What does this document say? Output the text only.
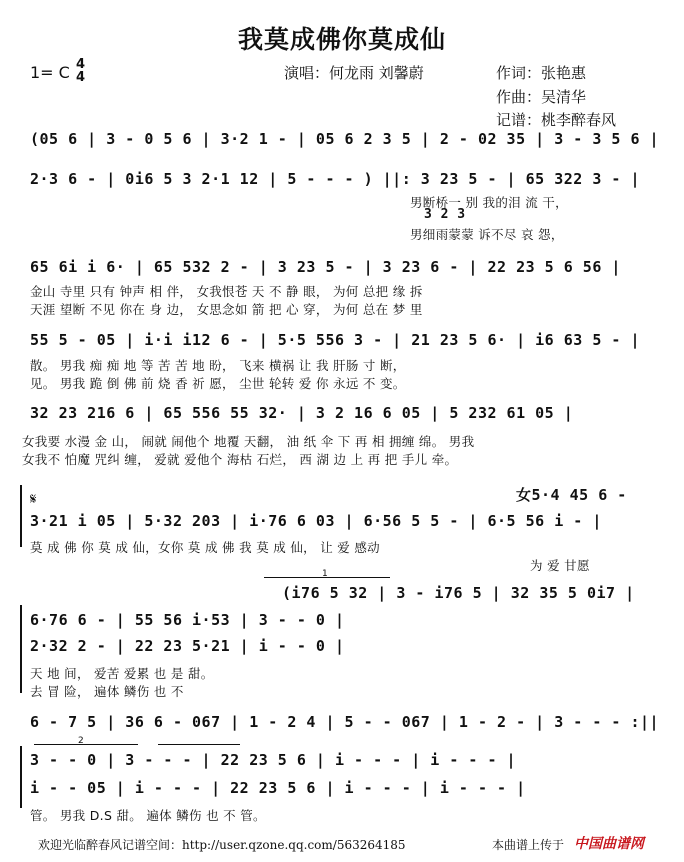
我莫成佛你莫成仙
1= C 4
4	演唱：何龙雨 刘馨蔚	作词：张艳惠
作曲：吴清华
记谱：桃李醉春风
(05 6 | 3 - 0 5 6 | 3·2 1 - | 05 6 2 3 5 | 2 - 02 35 | 3 - 3 5 6 |
2·3 6 - | 0i6 5 3 2·1 12 | 5 - - - ) ||: 3 23 5 - | 65 322 3 - |
男断桥一 别 我的泪 流 干，
3 2 3
男细雨蒙蒙 诉不尽 哀 怨，
65 6i i 6· | 65 532 2 - | 3 23 5 - | 3 23 6 - | 22 23 5 6 56 |
金山 寺里 只有 钟声 相 伴， 女我恨苍 天 不 静 眼， 为何 总把 缘 拆
天涯 望断 不见 你在 身 边， 女思念如 箭 把 心 穿， 为何 总在 梦 里
55 5 - 05 | i·i i12 6 - | 5·5 556 3 - | 21 23 5 6· | i6 63 5 - |
散。 男我 痴 痴 地 等 苦 苦 地 盼， 飞来 横祸 让 我 肝肠 寸 断，
见。 男我 跪 倒 佛 前 烧 香 祈 愿， 尘世 轮转 爱 你 永远 不 变。
32 23 216 6 | 65 556 55 32· | 3 2 16 6 05 | 5 232 61 05 |
女我要 水漫 金 山， 闹就 闹他个 地覆 天翻， 油 纸 伞 下 再 相 拥缠 绵。 男我
女我不 怕魔 咒纠 缠， 爱就 爱他个 海枯 石烂， 西 湖 边 上 再 把 手儿 牵。
𝄋	女5·4 45 6 -
3·21 i 05 | 5·32 203 | i·76 6 03 | 6·56 5 5 - | 6·5 56 i - |
莫 成 佛 你 莫 成 仙，女你 莫 成 佛 我 莫 成 仙， 让 爱 感动
为 爱 甘愿
1
(i76 5 32 | 3 - i76 5 | 32 35 5 0i7 |
6·76 6 - | 55 56 i·53 | 3 - - 0 |
2·32 2 - | 22 23 5·21 | i - - 0 |
天 地 间， 爱苦 爱累 也 是 甜。
去 冒 险， 遍体 鳞伤 也 不
6 - 7 5 | 36 6 - 067 | 1 - 2 4 | 5 - - 067 | 1 - 2 - | 3 - - - :||
2
3 - - 0 | 3 - - - | 22 23 5 6 | i - - - | i - - - |
i - - 05 | i - - - | 22 23 5 6 | i - - - | i - - - |
管。 男我 D.S 甜。 遍体 鳞伤 也 不 管。
欢迎光临醉春风记谱空间：http://user.qzone.qq.com/563264185	本曲谱上传于 中国曲谱网
